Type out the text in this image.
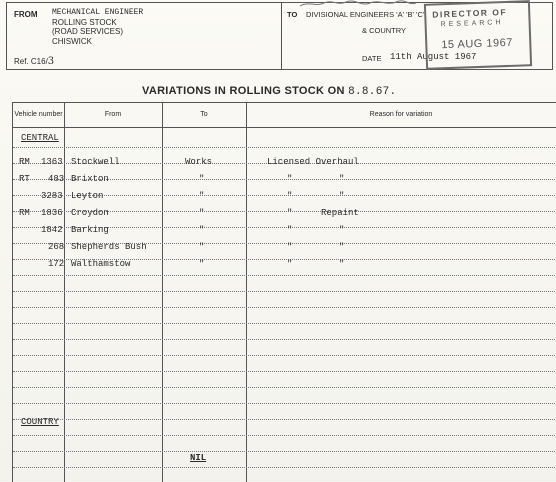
FROM MECHANICAL ENGINEER
ROLLING STOCK
(ROAD SERVICES)
CHISWICK
Ref. C16/3
TO DIVISIONAL ENGINEERS 'A' 'B' 'C'
& COUNTRY
DATE 11th August 1967
DIRECTOR OF
RESEARCH
15 AUG 1967
VARIATIONS IN ROLLING STOCK ON 8.8.67.
Vehicle number	From	To	Reason for variation
CENTRAL
RM 1363 Stockwell	Works	Licensed Overhaul
RT 483 Brixton	"	"	"
3283 Leyton	"	"	"
RM 1836 Croydon	"	"	Repaint
1842 Barking	"	"	"
268 Shepherds Bush	"	"	"
172 Walthamstow	"	"	"
COUNTRY
NIL
